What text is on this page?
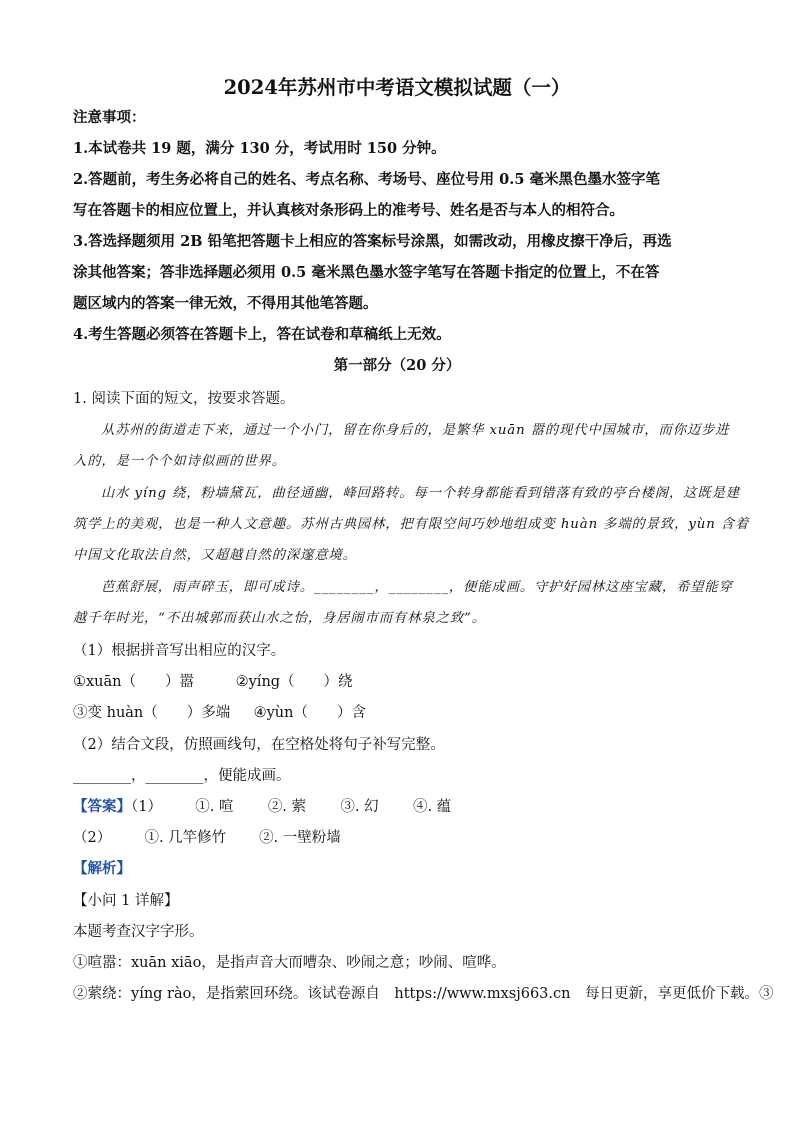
2024年苏州市中考语文模拟试题（一）
注意事项：
1.本试卷共 19 题，满分 130 分，考试用时 150 分钟。
2.答题前，考生务必将自己的姓名、考点名称、考场号、座位号用 0.5 毫米黑色墨水签字笔
写在答题卡的相应位置上，并认真核对条形码上的准考号、姓名是否与本人的相符合。
3.答选择题须用 2B 铅笔把答题卡上相应的答案标号涂黑，如需改动，用橡皮擦干净后，再选
涂其他答案；答非选择题必须用 0.5 毫米黑色墨水签字笔写在答题卡指定的位置上，不在答
题区域内的答案一律无效，不得用其他笔答题。
4.考生答题必须答在答题卡上，答在试卷和草稿纸上无效。
第一部分（20 分）
1. 阅读下面的短文，按要求答题。
从苏州的街道走下来，通过一个小门，留在你身后的，是繁华 xuān 嚣的现代中国城市，而你迈步进
入的，是一个个如诗似画的世界。
山水 yíng 绕，粉墙黛瓦，曲径通幽，峰回路转。每一个转身都能看到错落有致的亭台楼阁，这既是建
筑学上的美观，也是一种人文意趣。苏州古典园林，把有限空间巧妙地组成变 huàn 多端的景致，yùn 含着
中国文化取法自然，又超越自然的深邃意境。
芭蕉舒展，雨声碎玉，即可成诗。________，________，便能成画。守护好园林这座宝藏，希望能穿
越千年时光，“不出城郭而获山水之怡，身居闹市而有林泉之致”。
（1）根据拼音写出相应的汉字。
①xuān（　　）嚣	②yíng（　　）绕
③变 huàn（　　）多端 ④yùn（　　）含
（2）结合文段，仿照画线句，在空格处将句子补写完整。
________，________，便能成画。
【答案】（1） ①. 喧 ②. 萦 ③. 幻 ④. 蕴
（2） ①. 几竿修竹 ②. 一壁粉墙
【解析】
【小问 1 详解】
本题考查汉字字形。
①喧嚣：xuān xiāo，是指声音大而嘈杂、吵闹之意；吵闹、喧哗。
②萦绕：yíng rào，是指萦回环绕。该试卷源自　https://www.mxsj663.cn　每日更新，享更低价下载。③
